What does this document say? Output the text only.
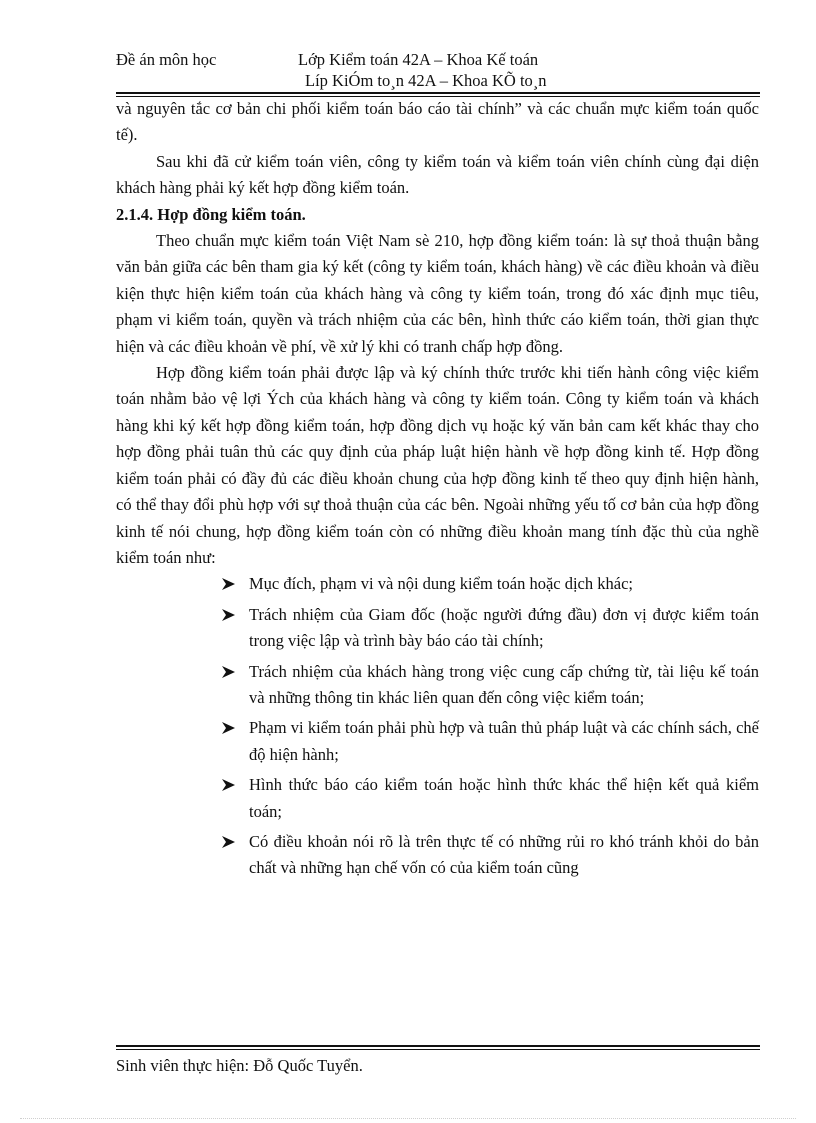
Đề án môn học	Lớp Kiểm toán 42A – Khoa Kế toán
Líp KiÓm to¸n 42A – Khoa KÕ to¸n

và nguyên tắc cơ bản chi phối kiểm toán báo cáo tài chính” và các chuẩn mực kiểm toán quốc tế).

Sau khi đã cử kiểm toán viên, công ty kiểm toán và kiểm toán viên chính cùng đại diện khách hàng phải ký kết hợp đồng kiểm toán.

2.1.4. Hợp đồng kiểm toán.

Theo chuẩn mực kiểm toán Việt Nam sè 210, hợp đồng kiểm toán: là sự thoả thuận bằng văn bản giữa các bên tham gia ký kết (công ty kiểm toán, khách hàng) về các điều khoản và điều kiện thực hiện kiểm toán của khách hàng và công ty kiểm toán, trong đó xác định mục tiêu, phạm vi kiểm toán, quyền và trách nhiệm của các bên, hình thức cáo kiểm toán, thời gian thực hiện và các điều khoản về phí, về xử lý khi có tranh chấp hợp đồng.

Hợp đồng kiểm toán phải được lập và ký chính thức trước khi tiến hành công việc kiểm toán nhằm bảo vệ lợi Ých của khách hàng và công ty kiểm toán. Công ty kiểm toán và khách hàng khi ký kết hợp đồng kiểm toán, hợp đồng dịch vụ hoặc ký văn bản cam kết khác thay cho hợp đồng phải tuân thủ các quy định của pháp luật hiện hành về hợp đồng kinh tế. Hợp đồng kiểm toán phải có đầy đủ các điều khoản chung của hợp đồng kinh tế theo quy định hiện hành, có thể thay đổi phù hợp với sự thoả thuận của các bên. Ngoài những yếu tố cơ bản của hợp đồng kinh tế nói chung, hợp đồng kiểm toán còn có những điều khoản mang tính đặc thù của nghề kiểm toán như:

Mục đích, phạm vi và nội dung kiểm toán hoặc dịch khác;
Trách nhiệm của Giam đốc (hoặc người đứng đầu) đơn vị được kiểm toán trong việc lập và trình bày báo cáo tài chính;
Trách nhiệm của khách hàng trong việc cung cấp chứng từ, tài liệu kế toán và những thông tin khác liên quan đến công việc kiểm toán;
Phạm vi kiểm toán phải phù hợp và tuân thủ pháp luật và các chính sách, chế độ hiện hành;
Hình thức báo cáo kiểm toán hoặc hình thức khác thể hiện kết quả kiểm toán;
Có điều khoản nói rõ là trên thực tế có những rủi ro khó tránh khỏi do bản chất và những hạn chế vốn có của kiểm toán cũng
Sinh viên thực hiện: Đỗ Quốc Tuyển.
